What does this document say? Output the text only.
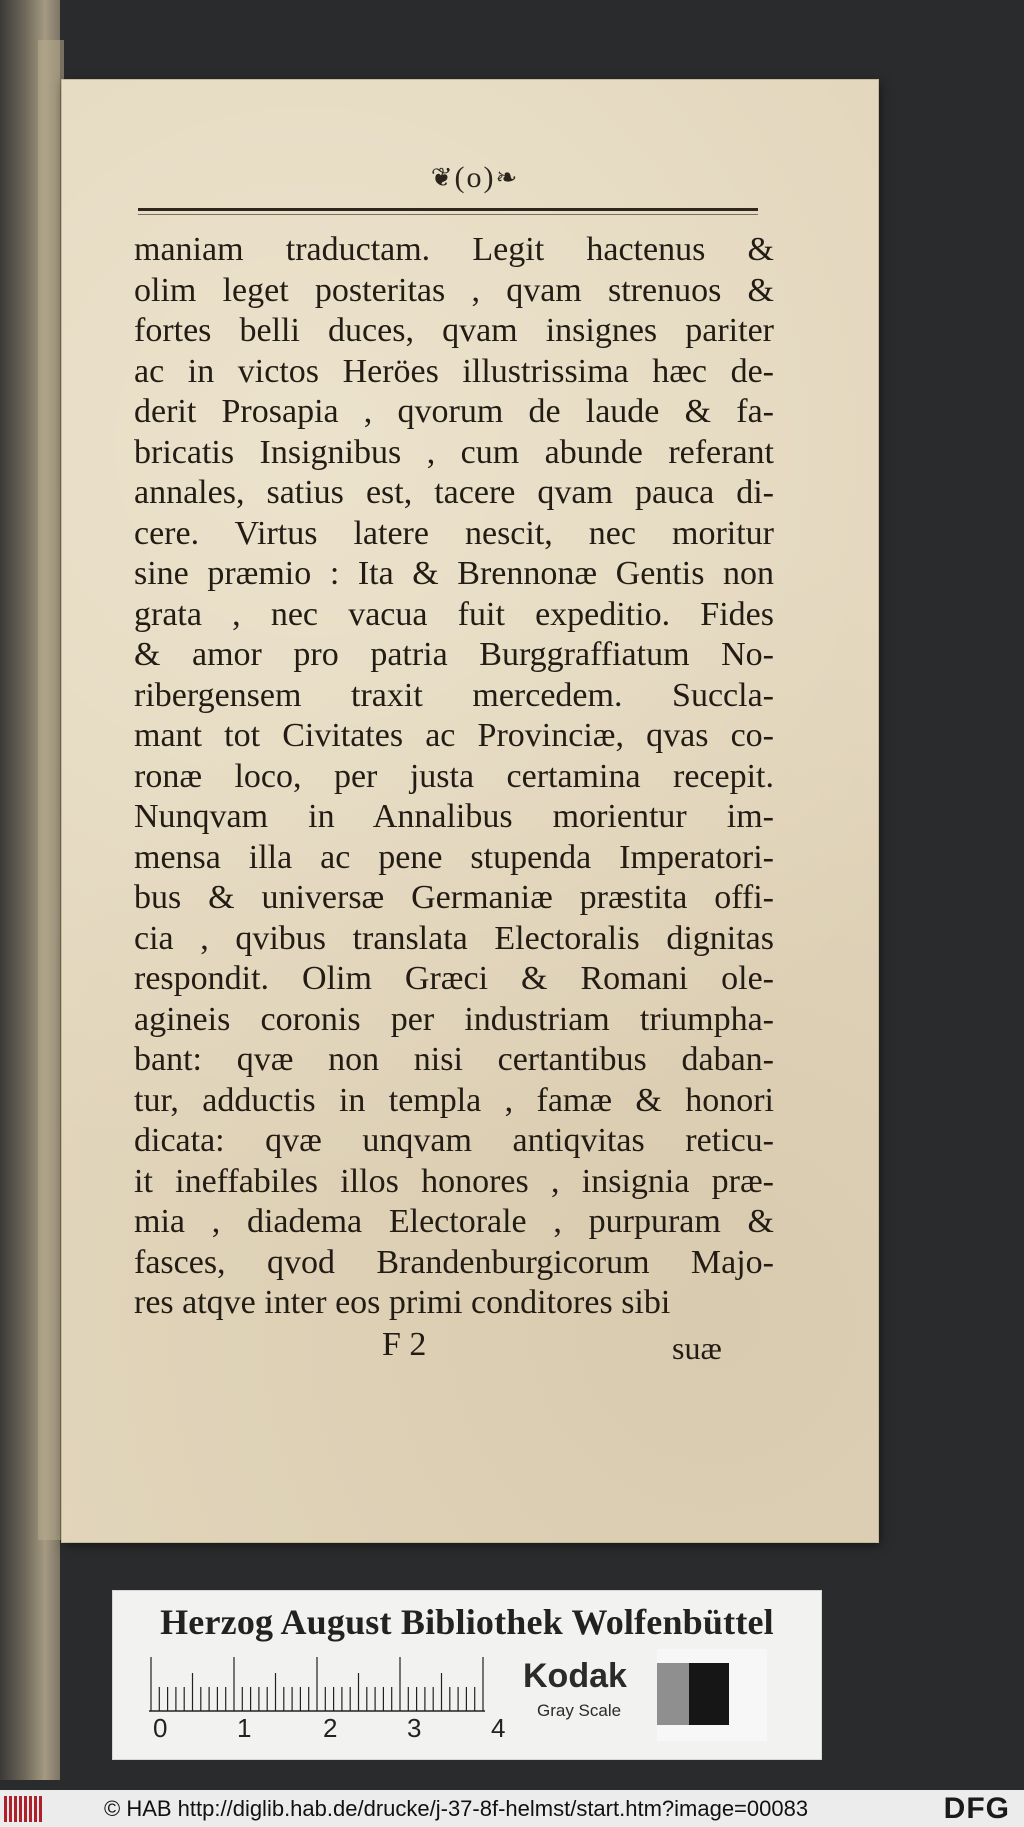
❦ (o) ❧
maniam traductam. Legit hactenus &
olim leget posteritas , qvam strenuos &
fortes belli duces, qvam insignes pariter
ac in victos Heröes illustrissima hæc de-
derit Prosapia , qvorum de laude & fa-
bricatis Insignibus , cum abunde referant
annales, satius est, tacere qvam pauca di-
cere. Virtus latere nescit, nec moritur
sine præmio : Ita & Brennonæ Gentis non
grata , nec vacua fuit expeditio. Fides
& amor pro patria Burggraffiatum No-
ribergensem traxit mercedem. Succla-
mant tot Civitates ac Provinciæ, qvas co-
ronæ loco, per justa certamina recepit.
Nunqvam in Annalibus morientur im-
mensa illa ac pene stupenda Imperatori-
bus & universæ Germaniæ præstita offi-
cia , qvibus translata Electoralis dignitas
respondit. Olim Græci & Romani ole-
agineis coronis per industriam triumpha-
bant: qvæ non nisi certantibus daban-
tur, adductis in templa , famæ & honori
dicata: qvæ unqvam antiqvitas reticu-
it ineffabiles illos honores , insignia præ-
mia , diadema Electorale , purpuram &
fasces, qvod Brandenburgicorum Majo-
res atqve inter eos primi conditores sibi
F 2	suæ
Herzog August Bibliothek Wolfenbüttel
0	1	2	3	4
Kodak
Gray Scale
© HAB http://diglib.hab.de/drucke/j-37-8f-helmst/start.htm?image=00083	DFG
